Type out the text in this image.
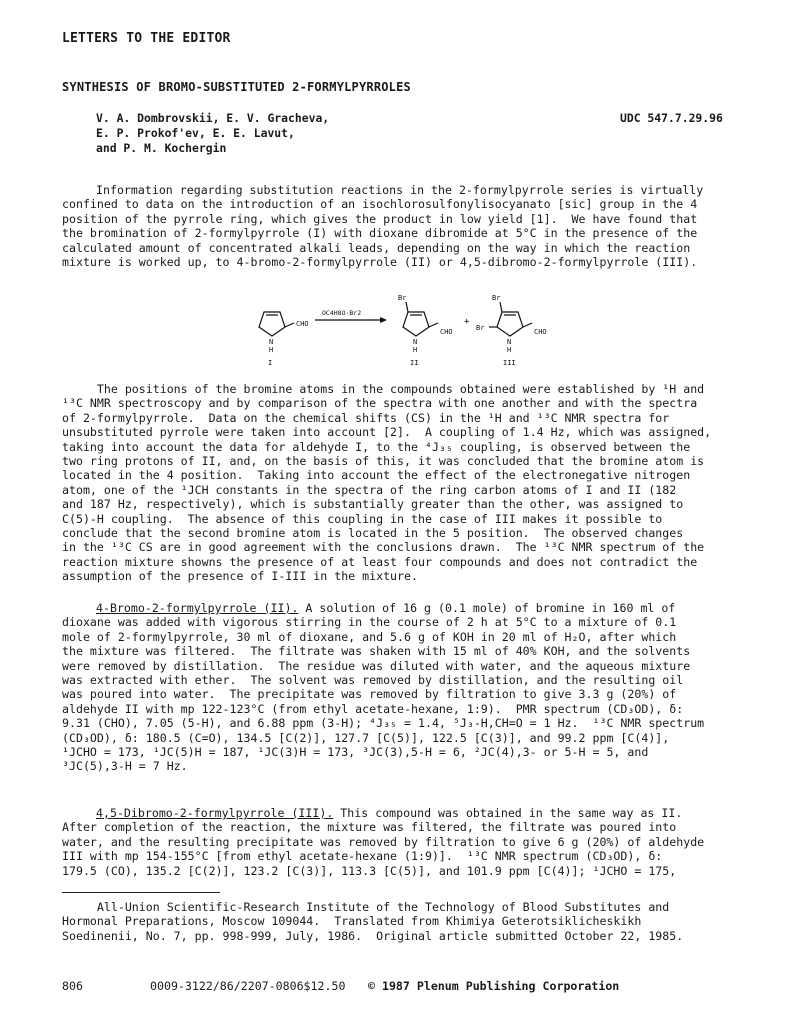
LETTERS TO THE EDITOR
SYNTHESIS OF BROMO-SUBSTITUTED 2-FORMYLPYRROLES
V. A. Dombrovskii, E. V. Gracheva,
E. P. Prokof'ev, E. E. Lavut,
and P. M. Kochergin
UDC 547.7.29.96
Information regarding substitution reactions in the 2-formylpyrrole series is virtually
confined to data on the introduction of an isochlorosulfonylisocyanato [sic] group in the 4
position of the pyrrole ring, which gives the product in low yield [1].  We have found that
the bromination of 2-formylpyrrole (I) with dioxane dibromide at 5°C in the presence of the
calculated amount of concentrated alkali leads, depending on the way in which the reaction
mixture is worked up, to 4-bromo-2-formylpyrrole (II) or 4,5-dibromo-2-formylpyrrole (III).
CHO
N
H
I
OC4H8O·Br2
Br
CHO
N
H
II
+
Br
Br	CHO
N
H
III
The positions of the bromine atoms in the compounds obtained were established by ¹H and
¹³C NMR spectroscopy and by comparison of the spectra with one another and with the spectra
of 2-formylpyrrole.  Data on the chemical shifts (CS) in the ¹H and ¹³C NMR spectra for
unsubstituted pyrrole were taken into account [2].  A coupling of 1.4 Hz, which was assigned,
taking into account the data for aldehyde I, to the ⁴J₃₅ coupling, is observed between the
two ring protons of II, and, on the basis of this, it was concluded that the bromine atom is
located in the 4 position.  Taking into account the effect of the electronegative nitrogen
atom, one of the ¹JCH constants in the spectra of the ring carbon atoms of I and II (182
and 187 Hz, respectively), which is substantially greater than the other, was assigned to
C(5)-H coupling.  The absence of this coupling in the case of III makes it possible to
conclude that the second bromine atom is located in the 5 position.  The observed changes
in the ¹³C CS are in good agreement with the conclusions drawn.  The ¹³C NMR spectrum of the
reaction mixture showns the presence of at least four compounds and does not contradict the
assumption of the presence of I-III in the mixture.
4-Bromo-2-formylpyrrole (II). A solution of 16 g (0.1 mole) of bromine in 160 ml of
dioxane was added with vigorous stirring in the course of 2 h at 5°C to a mixture of 0.1
mole of 2-formylpyrrole, 30 ml of dioxane, and 5.6 g of KOH in 20 ml of H₂O, after which
the mixture was filtered.  The filtrate was shaken with 15 ml of 40% KOH, and the solvents
were removed by distillation.  The residue was diluted with water, and the aqueous mixture
was extracted with ether.  The solvent was removed by distillation, and the resulting oil
was poured into water.  The precipitate was removed by filtration to give 3.3 g (20%) of
aldehyde II with mp 122-123°C (from ethyl acetate-hexane, 1:9).  PMR spectrum (CD₃OD), δ:
9.31 (CHO), 7.05 (5-H), and 6.88 ppm (3-H); ⁴J₃₅ = 1.4, ⁵J₃-H,CH=O = 1 Hz.  ¹³C NMR spectrum
(CD₃OD), δ: 180.5 (C=O), 134.5 [C(2)], 127.7 [C(5)], 122.5 [C(3)], and 99.2 ppm [C(4)],
¹JCHO = 173, ¹JC(5)H = 187, ¹JC(3)H = 173, ³JC(3),5-H = 6, ²JC(4),3- or 5-H = 5, and
³JC(5),3-H = 7 Hz.
4,5-Dibromo-2-formylpyrrole (III). This compound was obtained in the same way as II.
After completion of the reaction, the mixture was filtered, the filtrate was poured into
water, and the resulting precipitate was removed by filtration to give 6 g (20%) of aldehyde
III with mp 154-155°C [from ethyl acetate-hexane (1:9)].  ¹³C NMR spectrum (CD₃OD), δ:
179.5 (CO), 135.2 [C(2)], 123.2 [C(3)], 113.3 [C(5)], and 101.9 ppm [C(4)]; ¹JCHO = 175,
All-Union Scientific-Research Institute of the Technology of Blood Substitutes and
Hormonal Preparations, Moscow 109044.  Translated from Khimiya Geterotsiklicheskikh
Soedinenii, No. 7, pp. 998-999, July, 1986.  Original article submitted October 22, 1985.
806	0009-3122/86/2207-0806$12.50 © 1987 Plenum Publishing Corporation
